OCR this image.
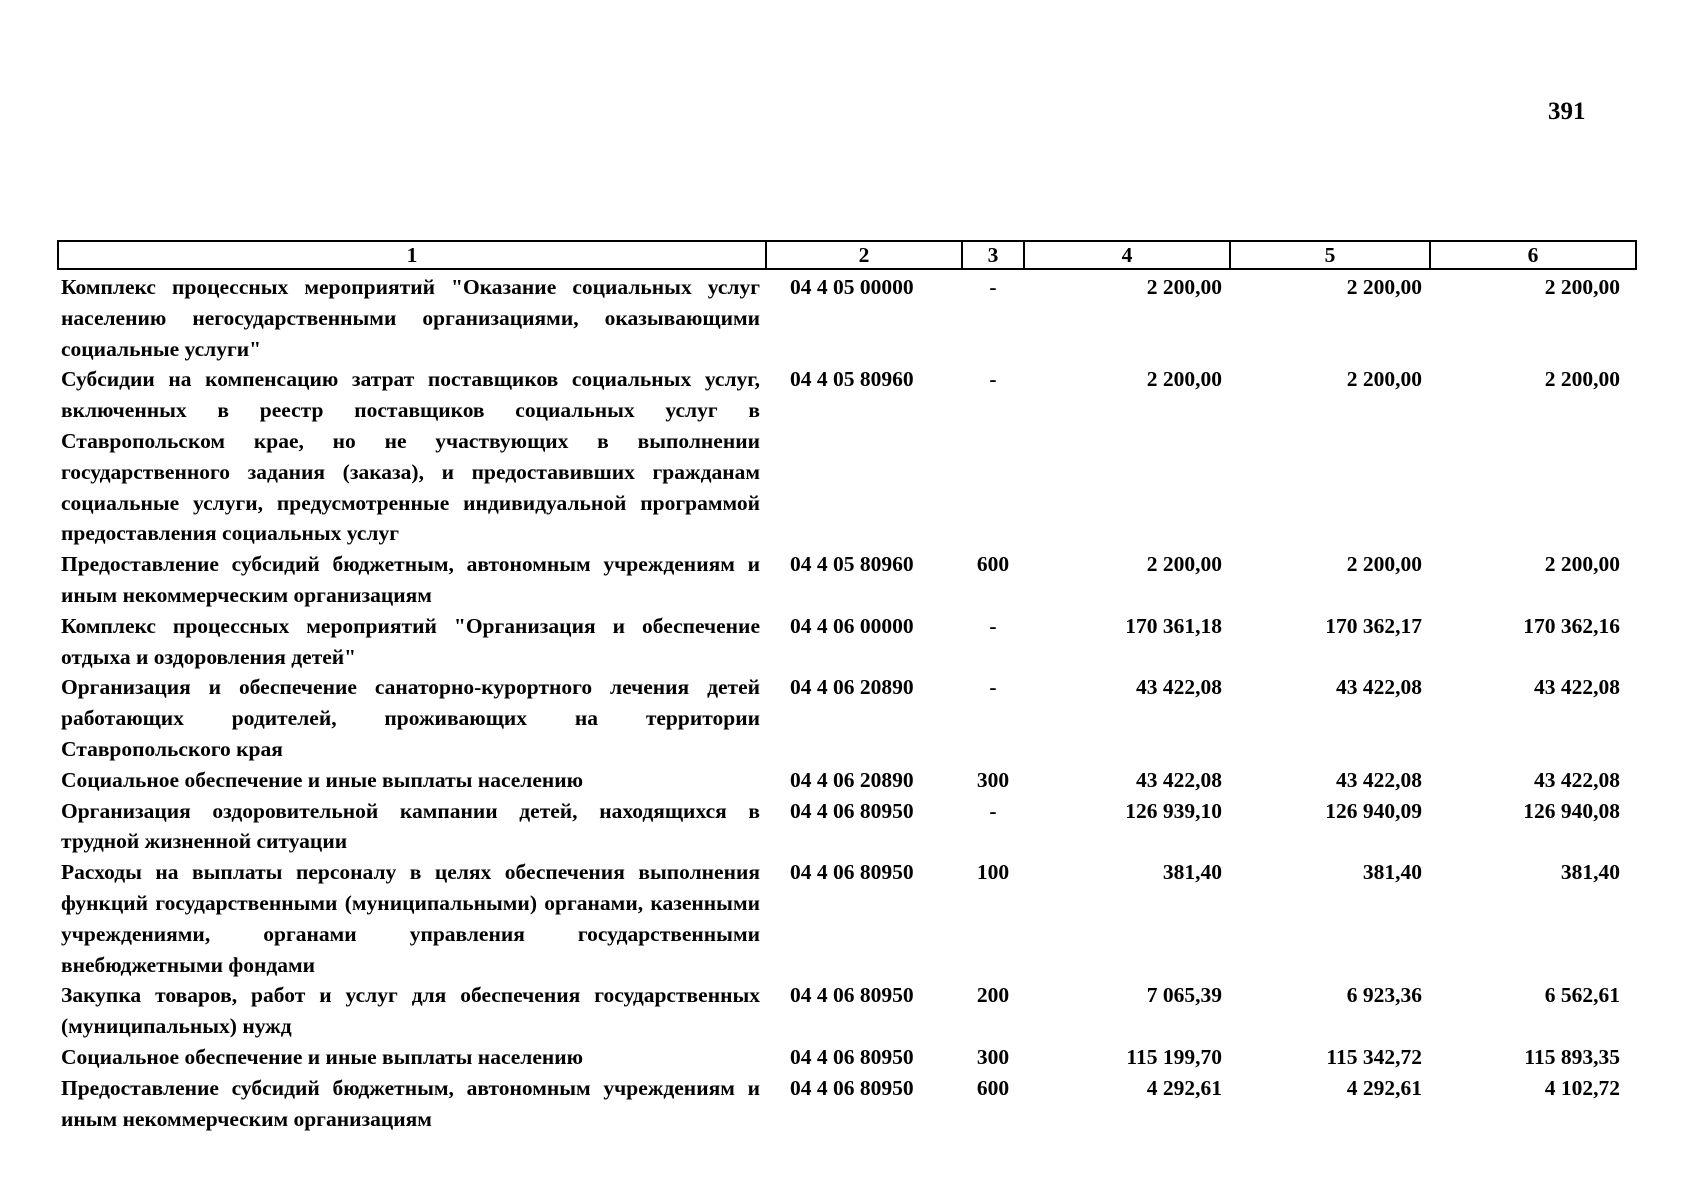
391
1	2	3	4	5	6
Комплекс процессных мероприятий "Оказание социальных услуг населению негосударственными организациями, оказывающими социальные услуги"	04 4 05 00000	-	2 200,00	2 200,00	2 200,00
Субсидии на компенсацию затрат поставщиков социальных услуг, включенных в реестр поставщиков социальных услуг в Ставропольском крае, но не участвующих в выполнении государственного задания (заказа), и предоставивших гражданам социальные услуги, предусмотренные индивидуальной программой предоставления социальных услуг	04 4 05 80960	-	2 200,00	2 200,00	2 200,00
Предоставление субсидий бюджетным, автономным учреждениям и иным некоммерческим организациям	04 4 05 80960	600	2 200,00	2 200,00	2 200,00
Комплекс процессных мероприятий "Организация и обеспечение отдыха и оздоровления детей"	04 4 06 00000	-	170 361,18	170 362,17	170 362,16
Организация и обеспечение санаторно-курортного лечения детей работающих родителей, проживающих на территории Ставропольского края	04 4 06 20890	-	43 422,08	43 422,08	43 422,08
Социальное обеспечение и иные выплаты населению	04 4 06 20890	300	43 422,08	43 422,08	43 422,08
Организация оздоровительной кампании детей, находящихся в трудной жизненной ситуации	04 4 06 80950	-	126 939,10	126 940,09	126 940,08
Расходы на выплаты персоналу в целях обеспечения выполнения функций государственными (муниципальными) органами, казенными учреждениями, органами управления государственными внебюджетными фондами	04 4 06 80950	100	381,40	381,40	381,40
Закупка товаров, работ и услуг для обеспечения государственных (муниципальных) нужд	04 4 06 80950	200	7 065,39	6 923,36	6 562,61
Социальное обеспечение и иные выплаты населению	04 4 06 80950	300	115 199,70	115 342,72	115 893,35
Предоставление субсидий бюджетным, автономным учреждениям и иным некоммерческим организациям	04 4 06 80950	600	4 292,61	4 292,61	4 102,72
